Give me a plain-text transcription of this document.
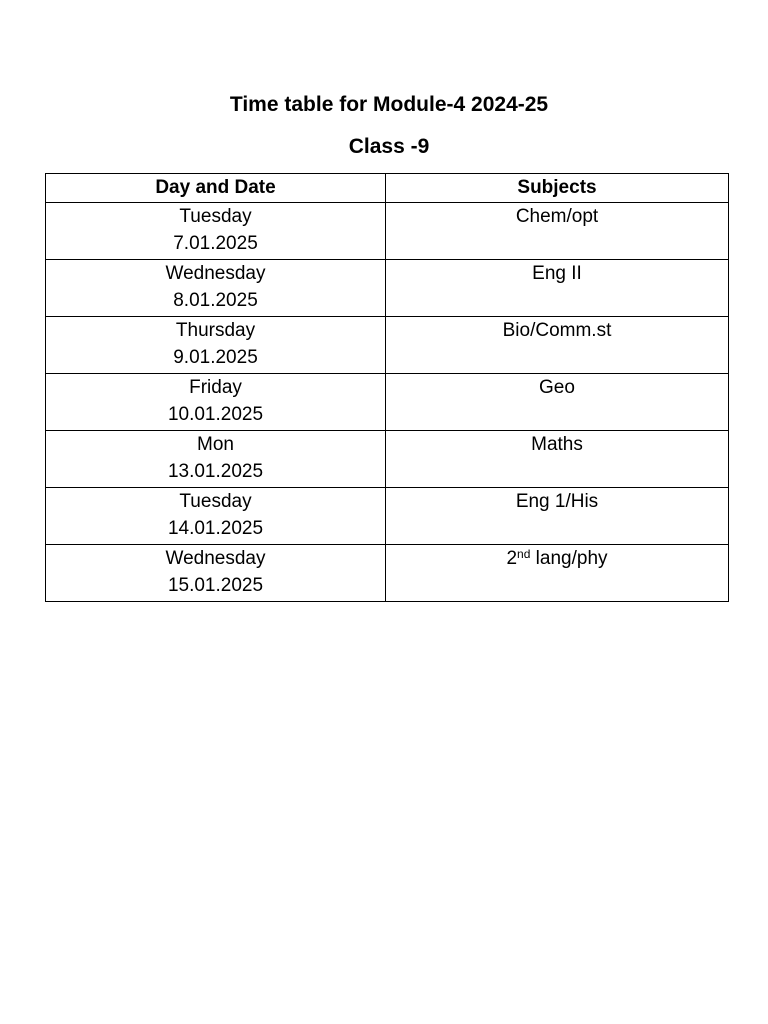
Time table for Module-4 2024-25
Class -9
Day and Date	Subjects

Tuesday
7.01.2025	Chem/opt

Wednesday
8.01.2025	Eng II

Thursday
9.01.2025	Bio/Comm.st

Friday
10.01.2025	Geo

Mon
13.01.2025	Maths

Tuesday
14.01.2025	Eng 1/His

Wednesday
15.01.2025	2nd lang/phy
